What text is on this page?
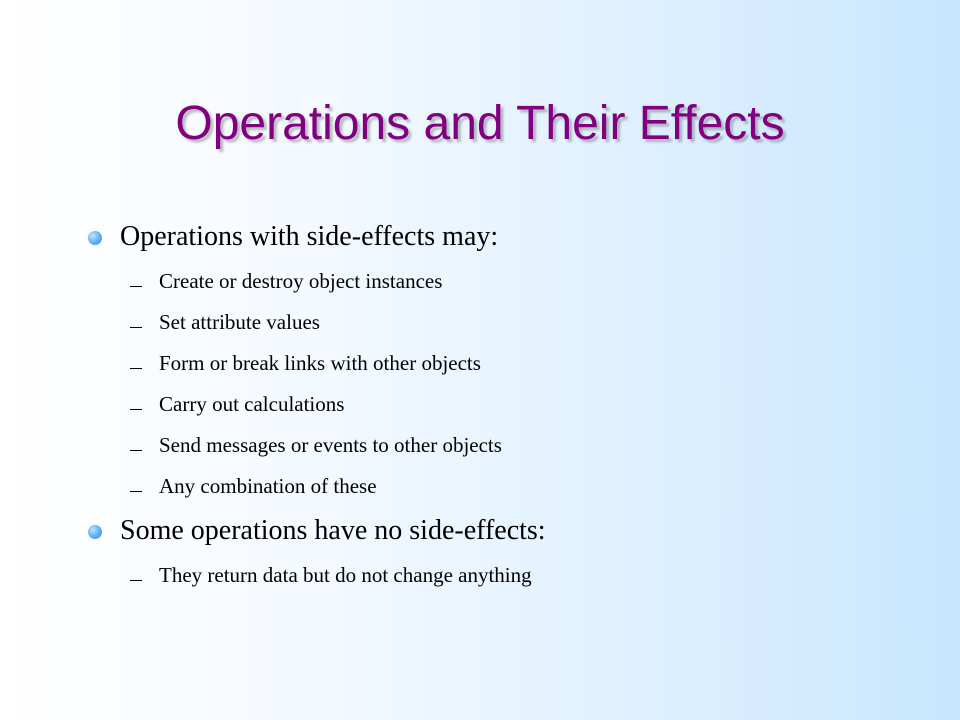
Operations and Their Effects
Operations with side-effects may:
Create or destroy object instances
Set attribute values
Form or break links with other objects
Carry out calculations
Send messages or events to other objects
Any combination of these
Some operations have no side-effects:
They return data but do not change anything
